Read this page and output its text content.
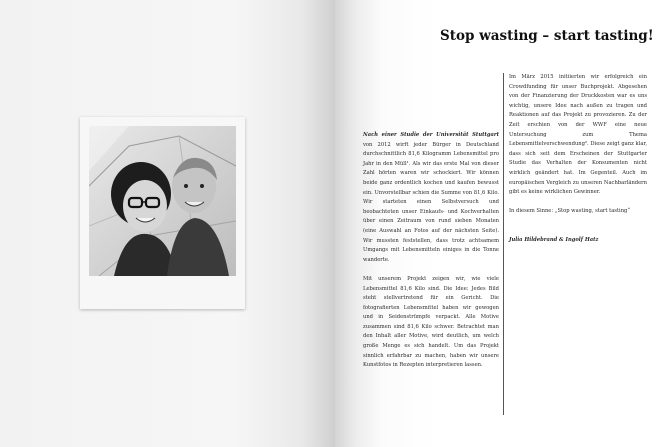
Stop wasting – start tasting!

Nach einer Studie der Universität Stuttgart von 2012 wirft jeder Bürger in Deutschland durchschnittlich 81,6 Kilogramm Lebensmittel pro Jahr in den Müll¹. Als wir das erste Mal von dieser Zahl hörten waren wir schockiert. Wir können beide ganz ordentlich kochen und kaufen bewusst ein. Unvorstellbar schien die Summe von 81,6 Kilo. Wir starteten einen Selbstversuch und beobachteten unser Einkaufs- und Kochverhalten über einen Zeitraum von rund sieben Monaten (eine Auswahl an Fotos auf der nächsten Seite). Wir mussten feststellen, dass trotz achtsamem Umgangs mit Lebensmitteln einiges in die Tonne wanderte.

Mit unserem Projekt zeigen wir, wie viele Lebensmittel 81,6 Kilo sind. Die Idee: Jedes Bild steht stellvertretend für ein Gericht. Die fotografierten Lebensmittel haben wir gewogen und in Seidenstrümpfe verpackt. Alle Motive zusammen sind 81,6 Kilo schwer. Betrachtet man den Inhalt aller Motive, wird deutlich, um welch große Menge es sich handelt. Um das Projekt sinnlich erfahrbar zu machen, haben wir unsere Kunstfotos in Rezepten interpretieren lassen.

Im März 2015 initiierten wir erfolgreich ein Crowdfunding für unser Buchprojekt. Abgesehen von der Finanzierung der Druckkosten war es uns wichtig, unsere Idee nach außen zu tragen und Reaktionen auf das Projekt zu provozieren. Zu der Zeit erschien von der WWF eine neue Untersuchung zum Thema Lebensmittelverschwendung². Diese zeigt ganz klar, dass sich seit dem Erscheinen der Stuttgarter Studie das Verhalten der Konsumenten nicht wirklich geändert hat. Im Gegenteil. Auch im europäischen Vergleich zu unseren Nachbarländern gibt es keine wirklichen Gewinner.

In diesem Sinne: „Stop wasting, start tasting“

Julia Hildebrand & Ingolf Hatz
